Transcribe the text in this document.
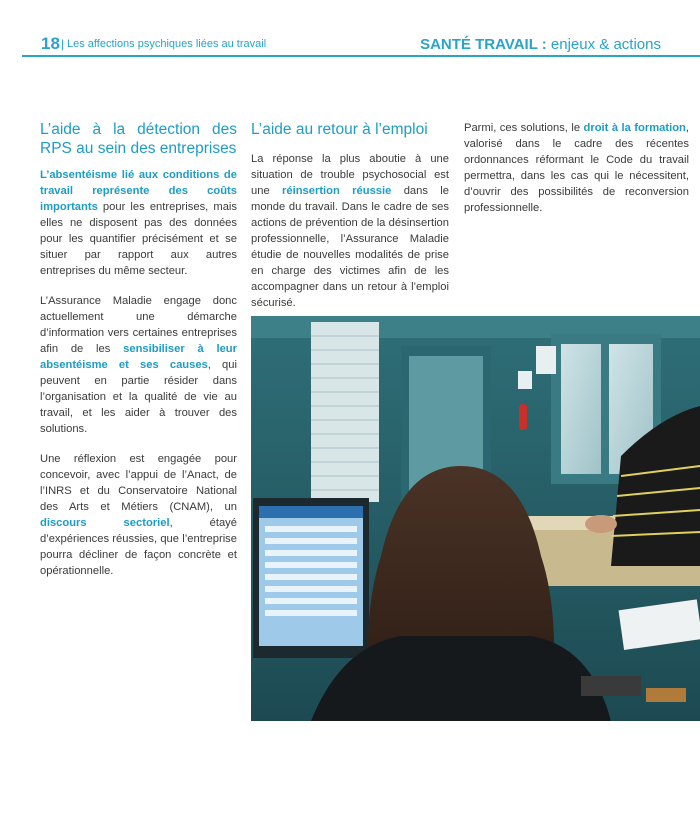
18 | Les affections psychiques liées au travail	SANTÉ TRAVAIL : enjeux & actions
L’aide à la détection des RPS au sein des entreprises

L’absentéisme lié aux conditions de travail représente des coûts importants pour les entreprises, mais elles ne disposent pas des données pour les quantifier précisément et se situer par rapport aux autres entreprises du même secteur.

L’Assurance Maladie engage donc actuellement une démarche d’information vers certaines entreprises afin de les sensibiliser à leur absentéisme et ses causes, qui peuvent en partie résider dans l’organisation et la qualité de vie au travail, et les aider à trouver des solutions.

Une réflexion est engagée pour concevoir, avec l’appui de l’Anact, de l’INRS et du Conservatoire National des Arts et Métiers (CNAM), un discours sectoriel, étayé d’expériences réussies, que l’entreprise pourra décliner de façon concrète et opérationnelle.

L’aide au retour à l’emploi

La réponse la plus aboutie à une situation de trouble psychosocial est une réinsertion réussie dans le monde du travail. Dans le cadre de ses actions de prévention de la désinsertion professionnelle, l’Assurance Maladie étudie de nouvelles modalités de prise en charge des victimes afin de les accompagner dans un retour à l’emploi sécurisé.

Parmi, ces solutions, le droit à la formation, valorisé dans le cadre des récentes ordonnances réformant le Code du travail permettra, dans les cas qui le nécessitent, d’ouvrir des possibilités de reconversion professionnelle.
